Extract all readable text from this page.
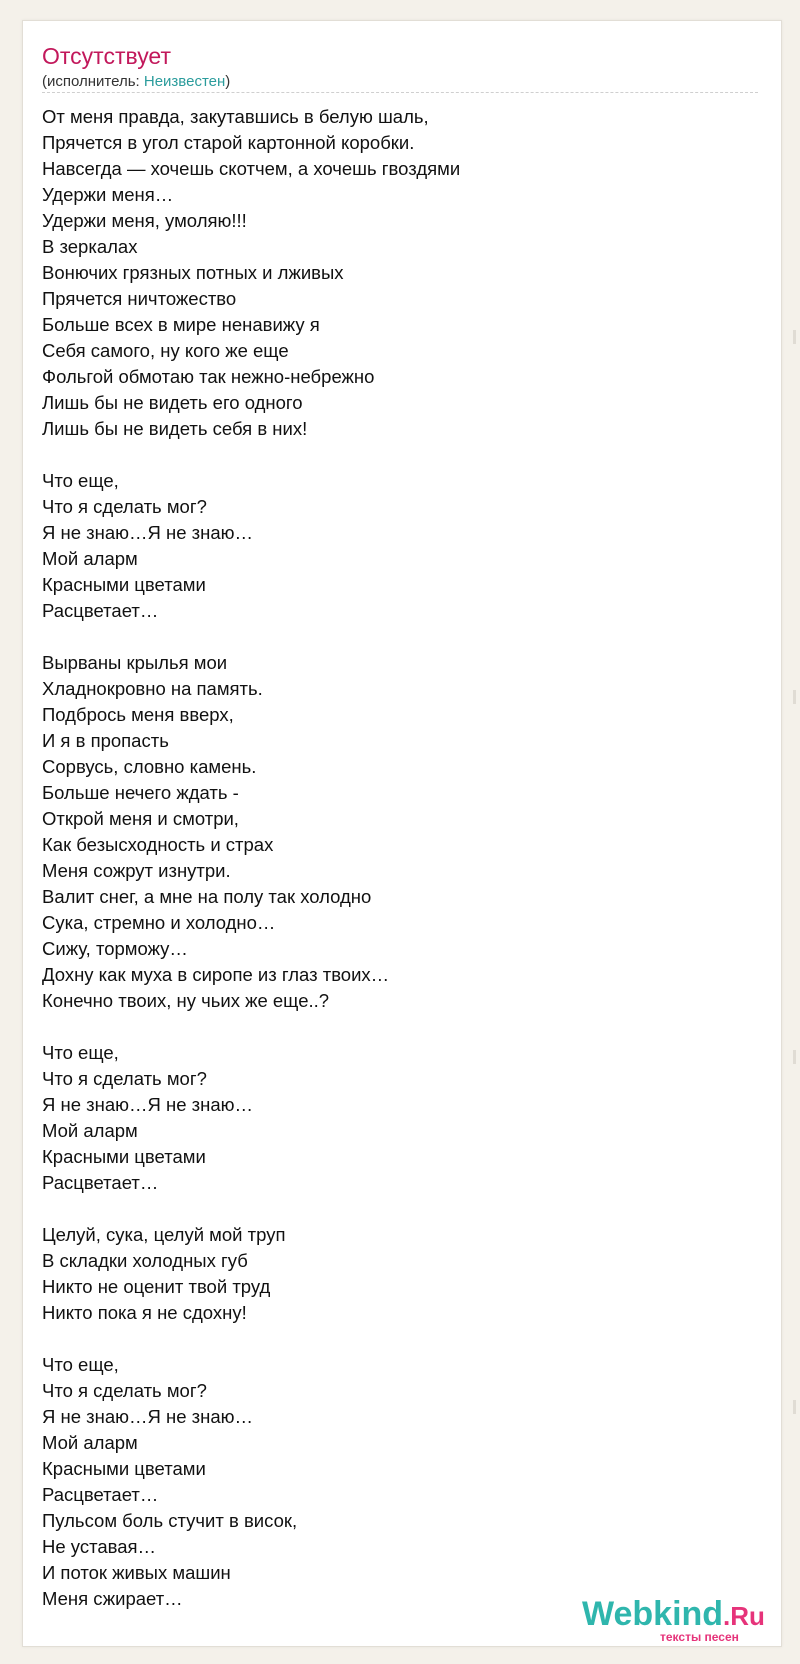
Отсутствует
(исполнитель: Неизвестен)
От меня правда, закутавшись в белую шаль,
Прячется в угол старой картонной коробки.
Навсегда — хочешь скотчем, а хочешь гвоздями
Удержи меня…
Удержи меня, умоляю!!!
В зеркалах
Вонючих грязных потных и лживых
Прячется ничтожество
Больше всех в мире ненавижу я
Себя самого, ну кого же еще
Фольгой обмотаю так нежно-небрежно
Лишь бы не видеть его одного
Лишь бы не видеть себя в них!
Что еще,
Что я сделать мог?
Я не знаю…Я не знаю…
Мой аларм
Красными цветами
Расцветает…
Вырваны крылья мои
Хладнокровно на память.
Подбрось меня вверх,
И я в пропасть
Сорвусь, словно камень.
Больше нечего ждать -
Открой меня и смотри,
Как безысходность и страх
Меня сожрут изнутри.
Валит снег, а мне на полу так холодно
Сука, стремно и холодно…
Сижу, торможу…
Дохну как муха в сиропе из глаз твоих…
Конечно твоих, ну чьих же еще..?
Что еще,
Что я сделать мог?
Я не знаю…Я не знаю…
Мой аларм
Красными цветами
Расцветает…
Целуй, сука, целуй мой труп
В складки холодных губ
Никто не оценит твой труд
Никто пока я не сдохну!
Что еще,
Что я сделать мог?
Я не знаю…Я не знаю…
Мой аларм
Красными цветами
Расцветает…
Пульсом боль стучит в висок,
Не уставая…
И поток живых машин
Меня сжирает…	Webkind.Ru
тексты песен
